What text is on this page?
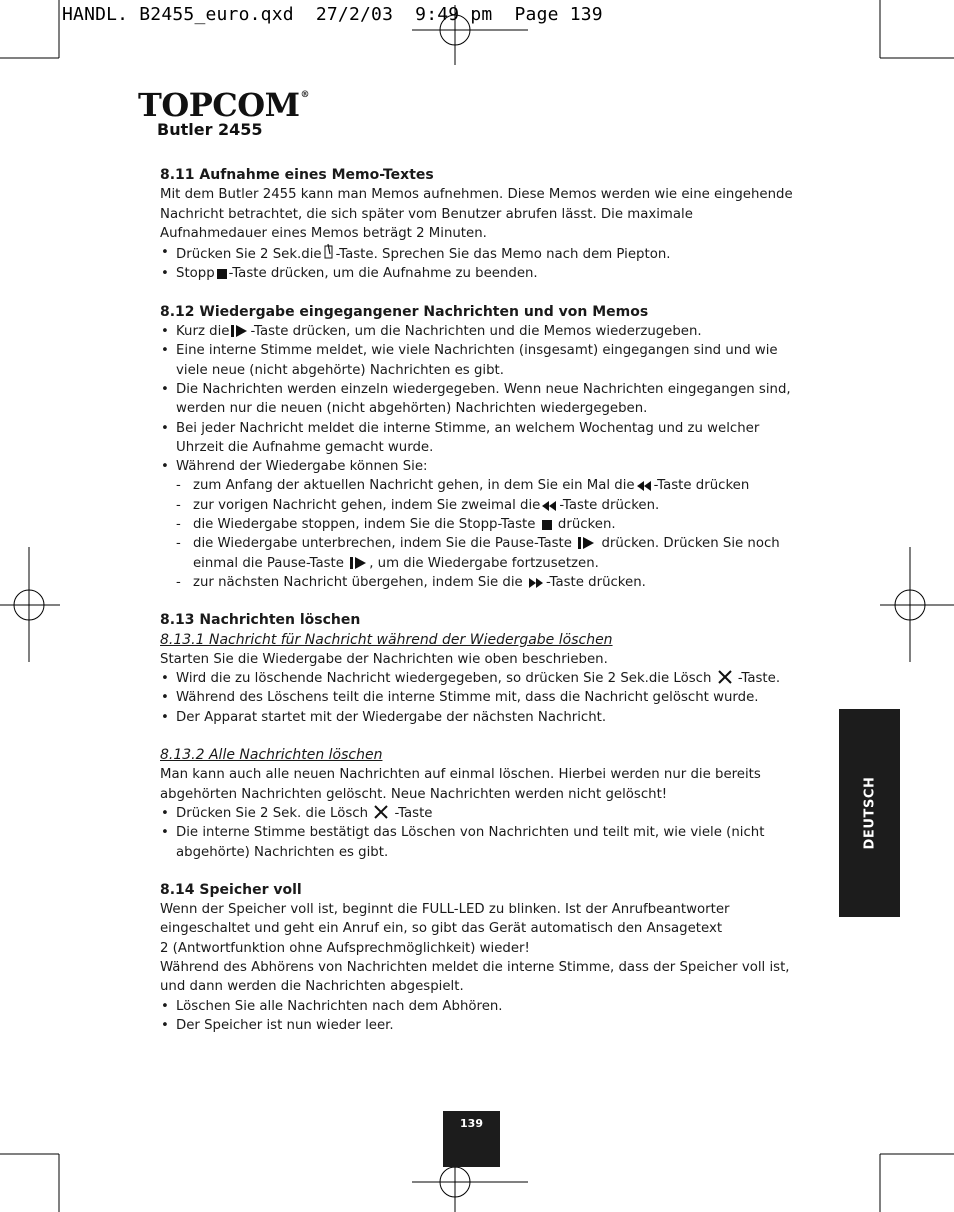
HANDL. B2455_euro.qxd  27/2/03  9:49 pm  Page 139
TOPCOM®
Butler 2455

8.11 Aufnahme eines Memo-Textes

Mit dem Butler 2455 kann man Memos aufnehmen. Diese Memos werden wie eine eingehende Nachricht betrachtet, die sich später vom Benutzer abrufen lässt. Die maximale Aufnahmedauer eines Memos beträgt 2 Minuten.

• Drücken Sie 2 Sek.die -Taste. Sprechen Sie das Memo nach dem Piepton.
• Stopp -Taste drücken, um die Aufnahme zu beenden.

8.12 Wiedergabe eingegangener Nachrichten und von Memos

• Kurz die -Taste drücken, um die Nachrichten und die Memos wiederzugeben.
• Eine interne Stimme meldet, wie viele Nachrichten (insgesamt) eingegangen sind und wie viele neue (nicht abgehörte) Nachrichten es gibt.
• Die Nachrichten werden einzeln wiedergegeben. Wenn neue Nachrichten eingegangen sind, werden nur die neuen (nicht abgehörten) Nachrichten wiedergegeben.
• Bei jeder Nachricht meldet die interne Stimme, an welchem Wochentag und zu welcher Uhrzeit die Aufnahme gemacht wurde.
• Während der Wiedergabe können Sie:
- zum Anfang der aktuellen Nachricht gehen, in dem Sie ein Mal die -Taste drücken
- zur vorigen Nachricht gehen, indem Sie zweimal die -Taste drücken.
- die Wiedergabe stoppen, indem Sie die Stopp-Taste drücken.
- die Wiedergabe unterbrechen, indem Sie die Pause-Taste drücken. Drücken Sie noch einmal die Pause-Taste , um die Wiedergabe fortzusetzen.
- zur nächsten Nachricht übergehen, indem Sie die -Taste drücken.

8.13 Nachrichten löschen

8.13.1 Nachricht für Nachricht während der Wiedergabe löschen

Starten Sie die Wiedergabe der Nachrichten wie oben beschrieben.

• Wird die zu löschende Nachricht wiedergegeben, so drücken Sie 2 Sek.die Lösch -Taste.
• Während des Löschens teilt die interne Stimme mit, dass die Nachricht gelöscht wurde.
• Der Apparat startet mit der Wiedergabe der nächsten Nachricht.

8.13.2 Alle Nachrichten löschen

Man kann auch alle neuen Nachrichten auf einmal löschen. Hierbei werden nur die bereits abgehörten Nachrichten gelöscht. Neue Nachrichten werden nicht gelöscht!

• Drücken Sie 2 Sek. die Lösch -Taste
• Die interne Stimme bestätigt das Löschen von Nachrichten und teilt mit, wie viele (nicht abgehörte) Nachrichten es gibt.

8.14 Speicher voll

Wenn der Speicher voll ist, beginnt die FULL-LED zu blinken. Ist der Anrufbeantworter

eingeschaltet und geht ein Anruf ein, so gibt das Gerät automatisch den Ansagetext

2 (Antwortfunktion ohne Aufsprechmöglichkeit) wieder!

Während des Abhörens von Nachrichten meldet die interne Stimme, dass der Speicher voll ist, und dann werden die Nachrichten abgespielt.

• Löschen Sie alle Nachrichten nach dem Abhören.
• Der Speicher ist nun wieder leer.
DEUTSCH
139
